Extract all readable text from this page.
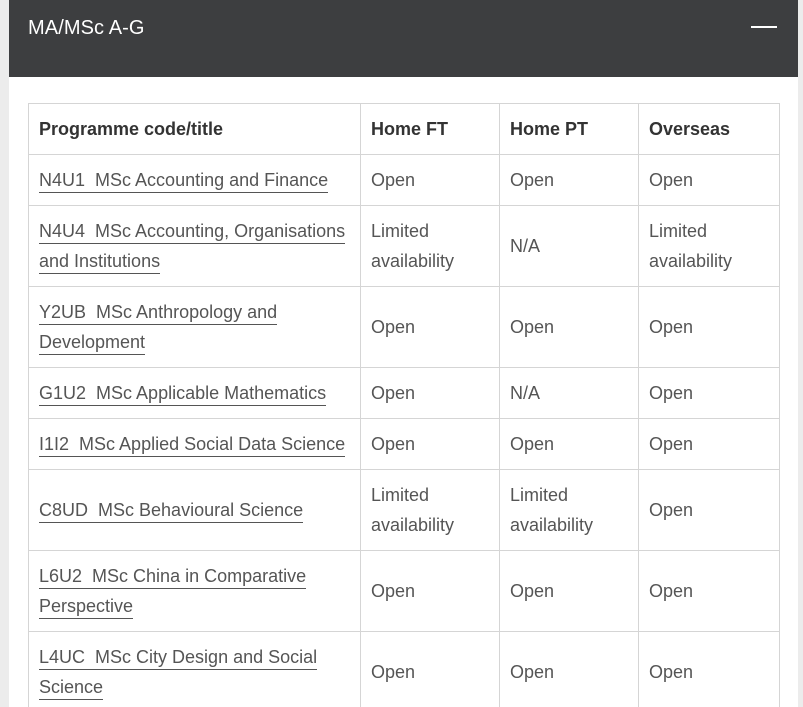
MA/MSc A-G
Programme code/title	Home FT	Home PT	Overseas
N4U1 MSc Accounting and Finance	Open	Open	Open
N4U4 MSc Accounting, Organisations and Institutions	Limited availability	N/A	Limited availability
Y2UB MSc Anthropology and Development	Open	Open	Open
G1U2 MSc Applicable Mathematics	Open	N/A	Open
I1I2 MSc Applied Social Data Science	Open	Open	Open
C8UD MSc Behavioural Science	Limited availability	Limited availability	Open
L6U2 MSc China in Comparative Perspective	Open	Open	Open
L4UC MSc City Design and Social Science	Open	Open	Open
